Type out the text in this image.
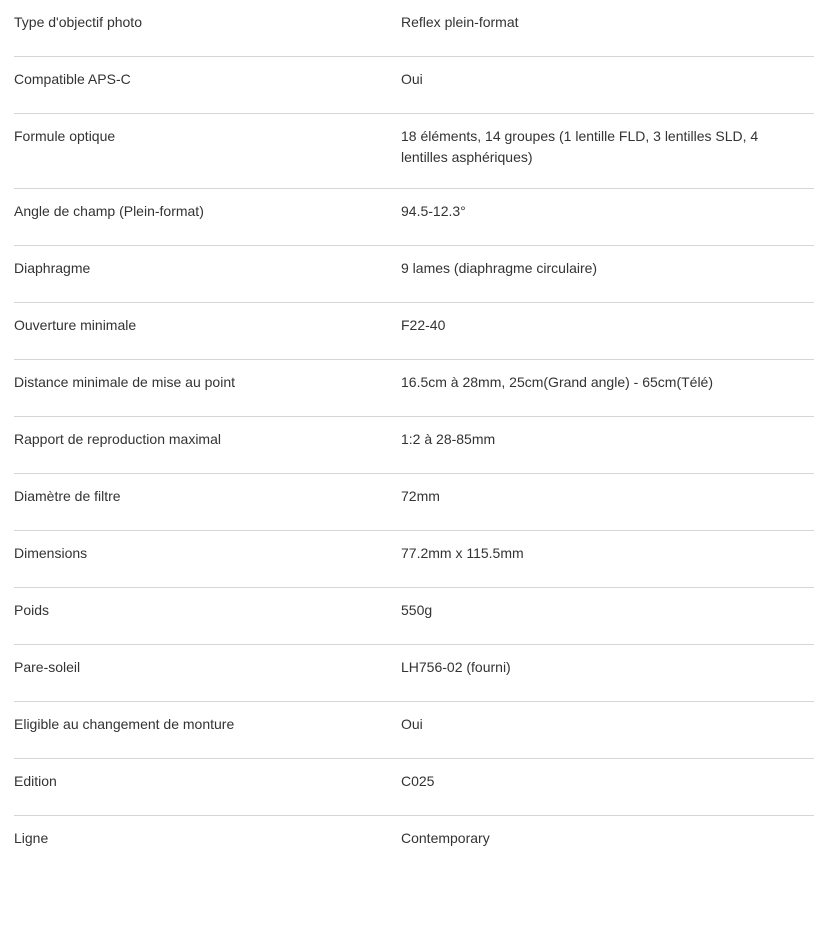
Type d'objectif photo	Reflex plein-format
Compatible APS-C	Oui
Formule optique	18 éléments, 14 groupes (1 lentille FLD, 3 lentilles SLD, 4 lentilles asphériques)
Angle de champ (Plein-format)	94.5-12.3°
Diaphragme	9 lames (diaphragme circulaire)
Ouverture minimale	F22-40
Distance minimale de mise au point	16.5cm à 28mm, 25cm(Grand angle) - 65cm(Télé)
Rapport de reproduction maximal	1:2 à 28-85mm
Diamètre de filtre	72mm
Dimensions	77.2mm x 115.5mm
Poids	550g
Pare-soleil	LH756-02 (fourni)
Eligible au changement de monture	Oui
Edition	C025
Ligne	Contemporary
